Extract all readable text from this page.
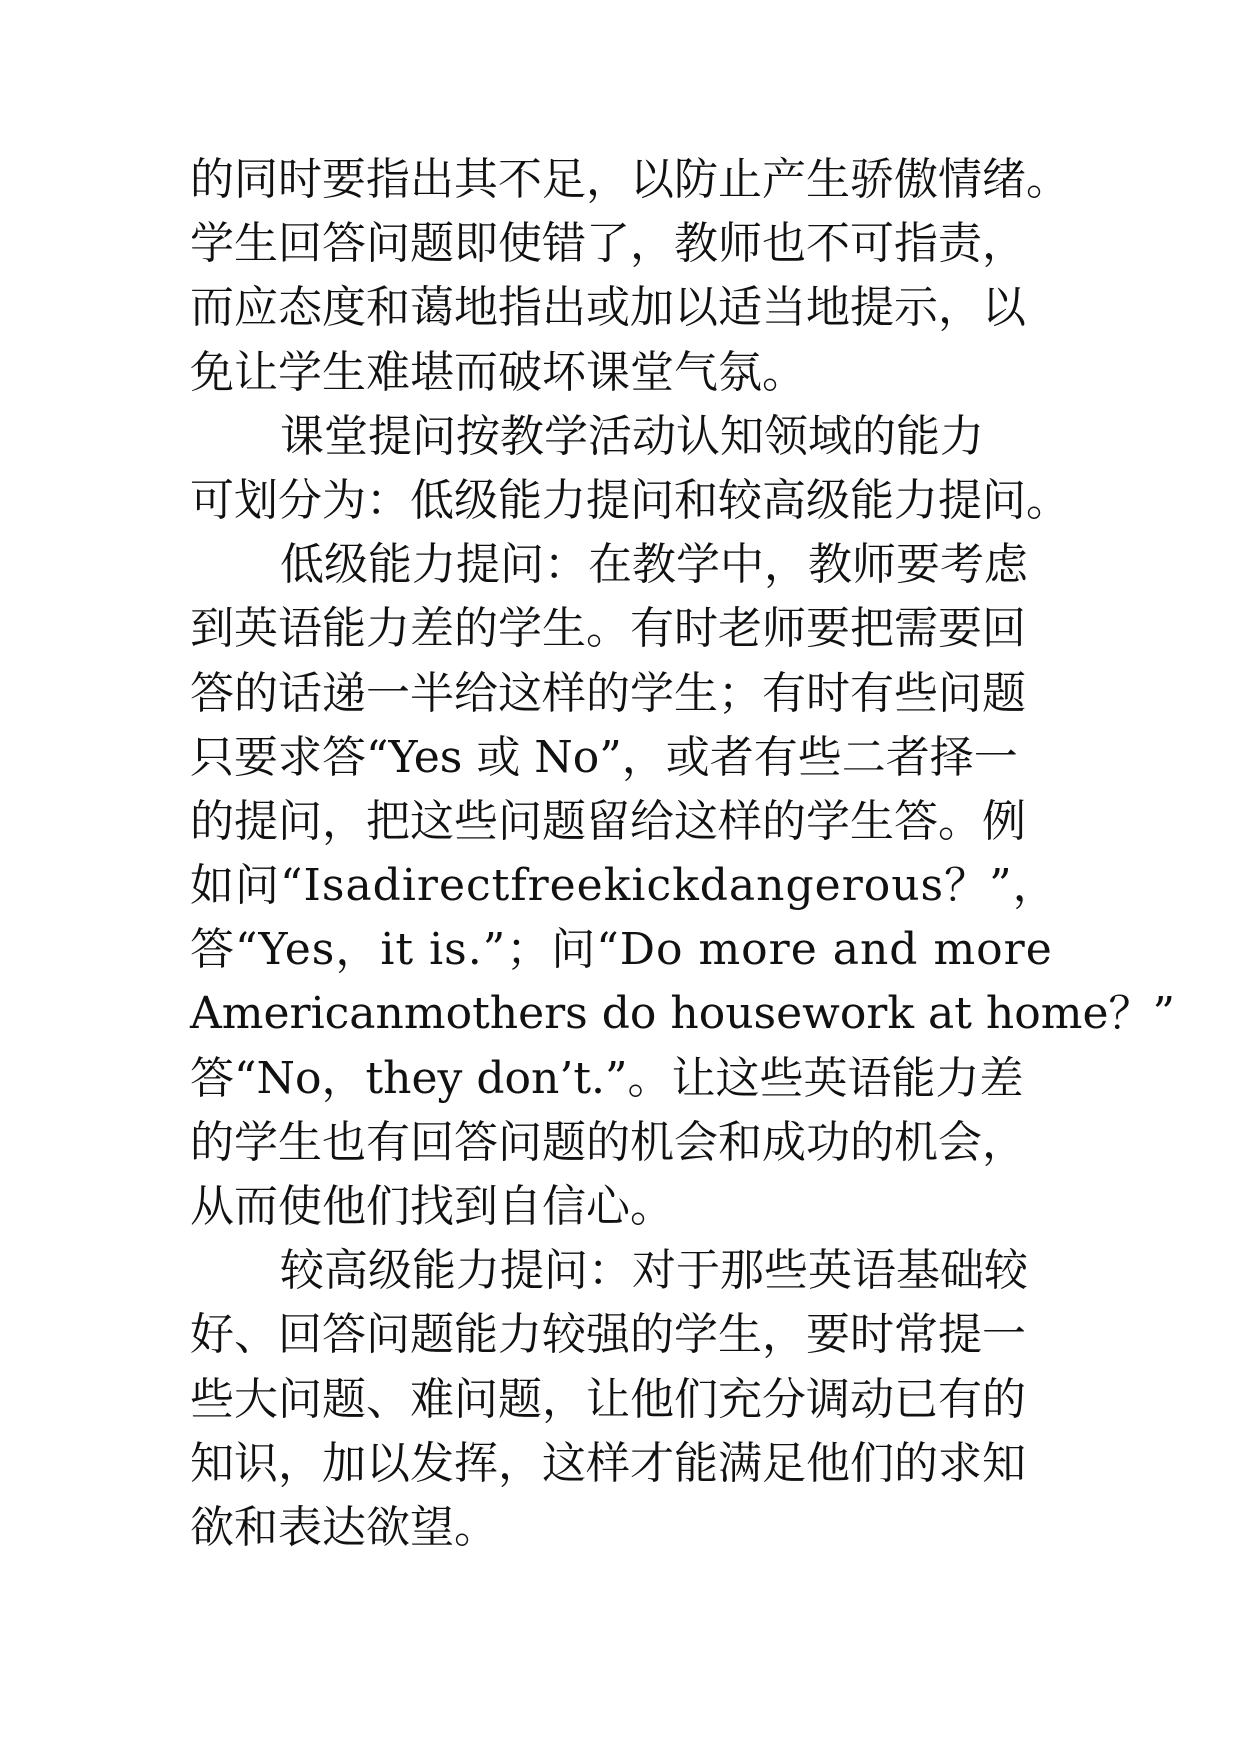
的同时要指出其不足，以防止产生骄傲情绪。
学生回答问题即使错了，教师也不可指责，
而应态度和蔼地指出或加以适当地提示，以
免让学生难堪而破坏课堂气氛。
课堂提问按教学活动认知领域的能力
可划分为：低级能力提问和较高级能力提问。
低级能力提问：在教学中，教师要考虑
到英语能力差的学生。有时老师要把需要回
答的话递一半给这样的学生；有时有些问题
只要求答“Yes 或 No”，或者有些二者择一
的提问，把这些问题留给这样的学生答。例
如问“Isadirectfreekickdangerous？”，
答“Yes，it is.”；问“Do more and more
Americanmothers do housework at home？”
答“No，they don’t.”。让这些英语能力差
的学生也有回答问题的机会和成功的机会，
从而使他们找到自信心。
较高级能力提问：对于那些英语基础较
好、回答问题能力较强的学生，要时常提一
些大问题、难问题，让他们充分调动已有的
知识，加以发挥，这样才能满足他们的求知
欲和表达欲望。
